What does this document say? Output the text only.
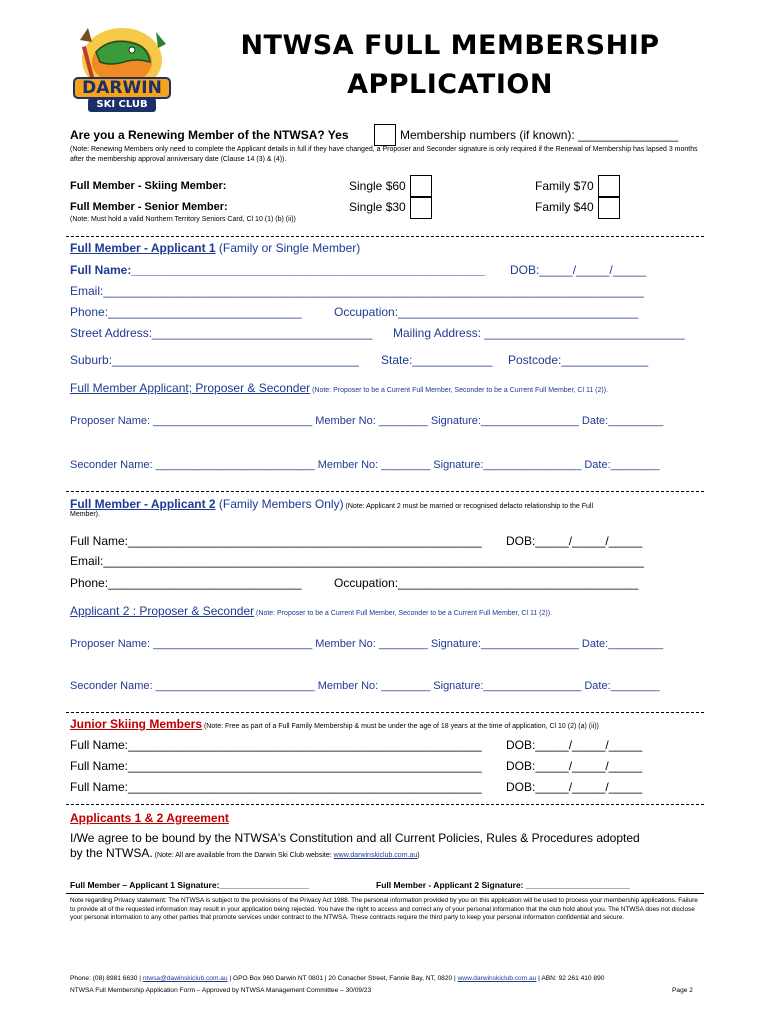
DARWIN
SKI CLUB
NTWSA FULL MEMBERSHIP
APPLICATION
Are you a Renewing Member of the NTWSA? Yes	Membership numbers (if known): _______________
(Note: Renewing Members only need to complete the Applicant details in full if they have changed, a Proposer and Seconder signature is only required if the Renewal of Membership has lapsed 3 months after the membership approval anniversary date (Clause 14 (3) & (4)).
Full Member - Skiing Member:	Single $60	Family $70
Full Member - Senior Member:	Single $30	Family $40
(Note: Must hold a valid Northern Territory Seniors Card, Cl 10 (1) (b) (ii))
Full Member - Applicant 1 (Family or Single Member)
Full Name:_____________________________________________________ DOB:_____/_____/_____
Email:_________________________________________________________________________________
Phone:_____________________________	Occupation:____________________________________
Street Address:_________________________________ Mailing Address: ______________________________
Suburb:_____________________________________ State:____________ Postcode:_____________
Full Member Applicant; Proposer & Seconder (Note: Proposer to be a Current Full Member, Seconder to be a Current Full Member, Cl 11 (2)).
Proposer Name: __________________________ Member No: ________ Signature:________________ Date:_________
Seconder Name: __________________________ Member No: ________ Signature:________________ Date:________
Full Member - Applicant 2 (Family Members Only) (Note: Applicant 2 must be married or recognised defacto relationship to the Full
Member).
Full Name:_____________________________________________________ DOB:_____/_____/_____
Email:_________________________________________________________________________________
Phone:_____________________________	Occupation:____________________________________
Applicant 2 : Proposer & Seconder (Note: Proposer to be a Current Full Member, Seconder to be a Current Full Member, Cl 11 (2)).
Proposer Name: __________________________ Member No: ________ Signature:________________ Date:_________
Seconder Name: __________________________ Member No: ________ Signature:________________ Date:________
Junior Skiing Members (Note: Free as part of a Full Family Membership & must be under the age of 18 years at the time of application, Cl 10 (2) (a) (ii))
Full Name:_____________________________________________________ DOB:_____/_____/_____
Full Name:_____________________________________________________ DOB:_____/_____/_____
Full Name:_____________________________________________________ DOB:_____/_____/_____
Applicants 1 & 2 Agreement
I/We agree to be bound by the NTWSA's Constitution and all Current Policies, Rules & Procedures adopted
by the NTWSA. (Note: All are available from the Darwin Ski Club website: www.darwinskiclub.com.au)
Full Member – Applicant 1 Signature:___________________	Full Member - Applicant 2 Signature: ______________________
Note regarding Privacy statement: The NTWSA is subject to the provisions of the Privacy Act 1988. The personal information provided by you on this application will be used to process your membership applications. Failure to provide all of the requested information may result in your application being rejected. You have the right to access and correct any of your personal information that the club hold about you. The NTWSA does not disclose your personal information to any other parties that promote services under contract to the NTWSA. These contracts require the third party to keep your personal information confidential and secure.
Phone: (08) 8981 6630 | ntwsa@dawinskiclub.com.au | GPO Box 960 Darwin NT 0801 | 20 Conacher Street, Fannie Bay, NT, 0820 | www.darwinskiclub.com.au | ABN: 92 261 410 890
NTWSA Full Membership Application Form – Approved by NTWSA Management Committee – 30/09/23	Page 2
